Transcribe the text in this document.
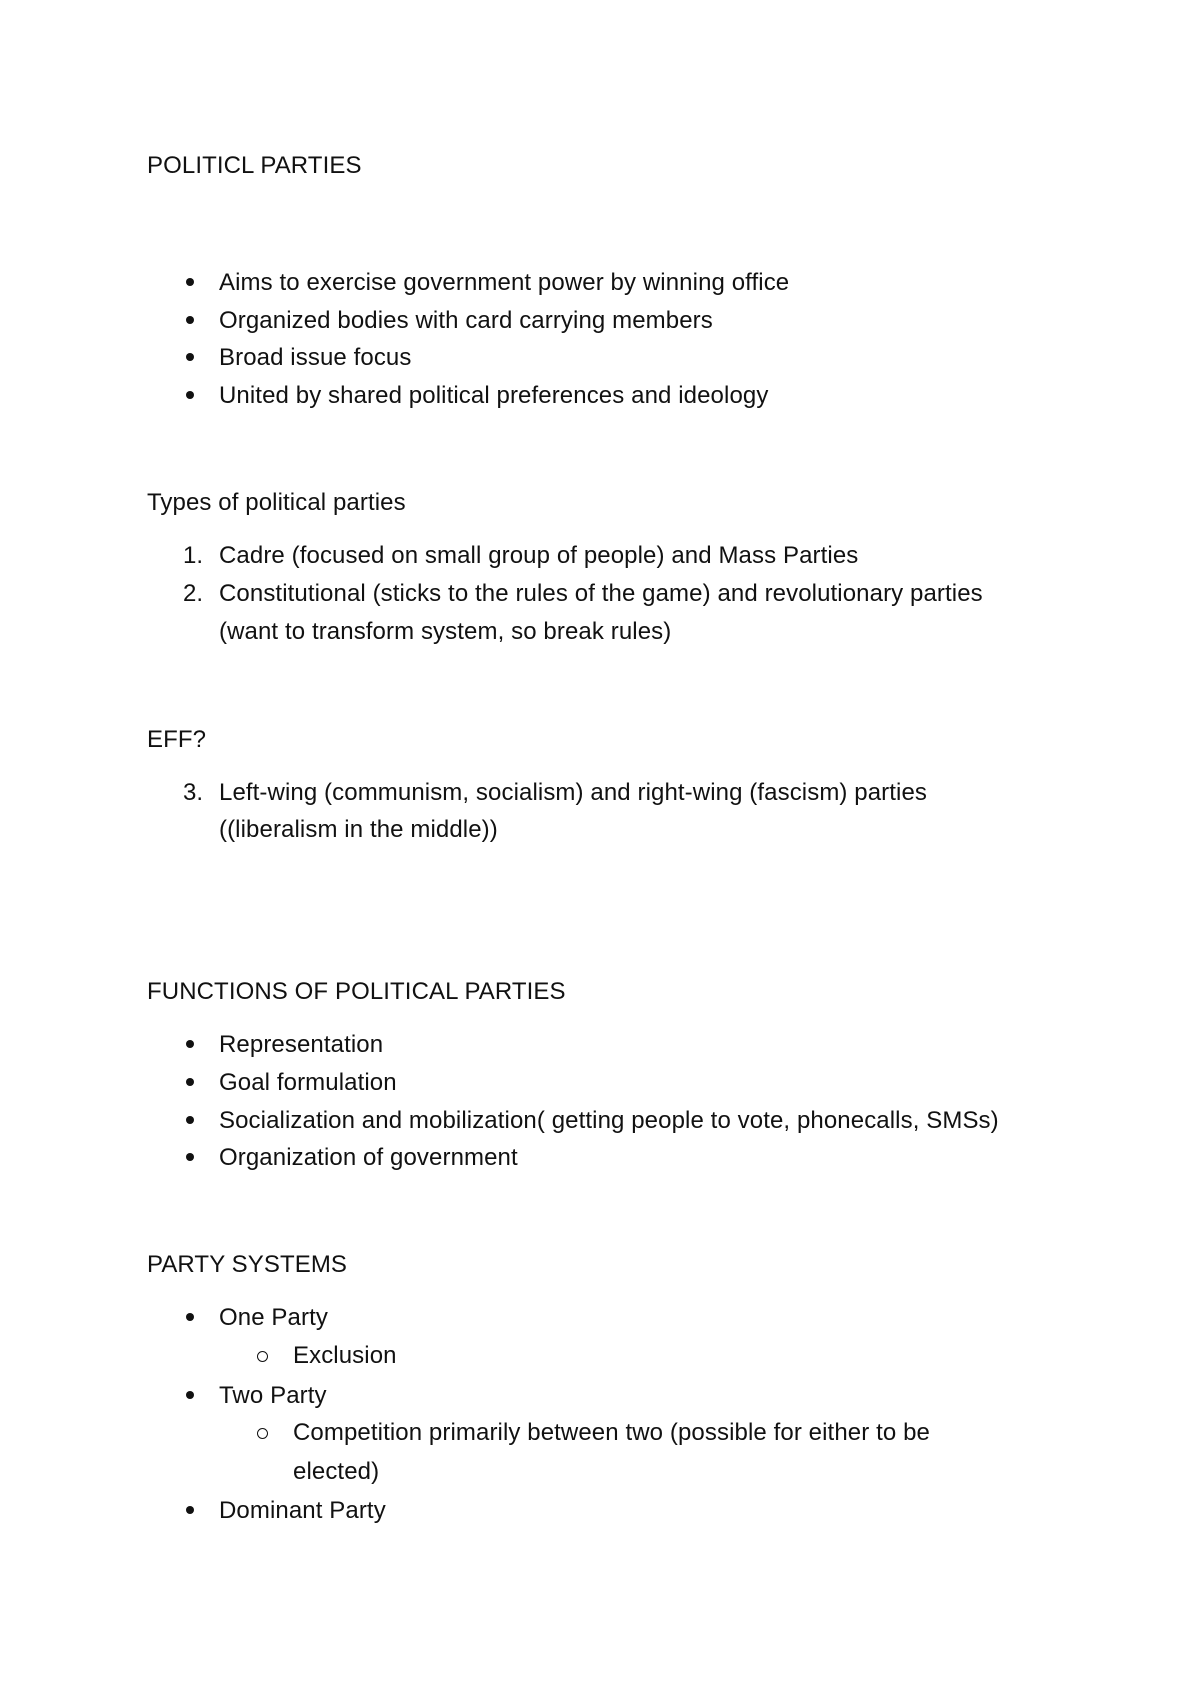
POLITICL PARTIES
Aims to exercise government power by winning office
Organized bodies with card carrying members
Broad issue focus
United by shared political preferences and ideology
Types of political parties
1. Cadre (focused on small group of people) and Mass Parties
2. Constitutional (sticks to the rules of the game) and revolutionary parties
(want to transform system, so break rules)
EFF?
3. Left-wing (communism, socialism) and right-wing (fascism) parties
((liberalism in the middle))
FUNCTIONS OF POLITICAL PARTIES
Representation
Goal formulation
Socialization and mobilization( getting people to vote, phonecalls, SMSs)
Organization of government
PARTY SYSTEMS
One Party
Exclusion
Two Party
Competition primarily between two (possible for either to be
elected)
Dominant Party
